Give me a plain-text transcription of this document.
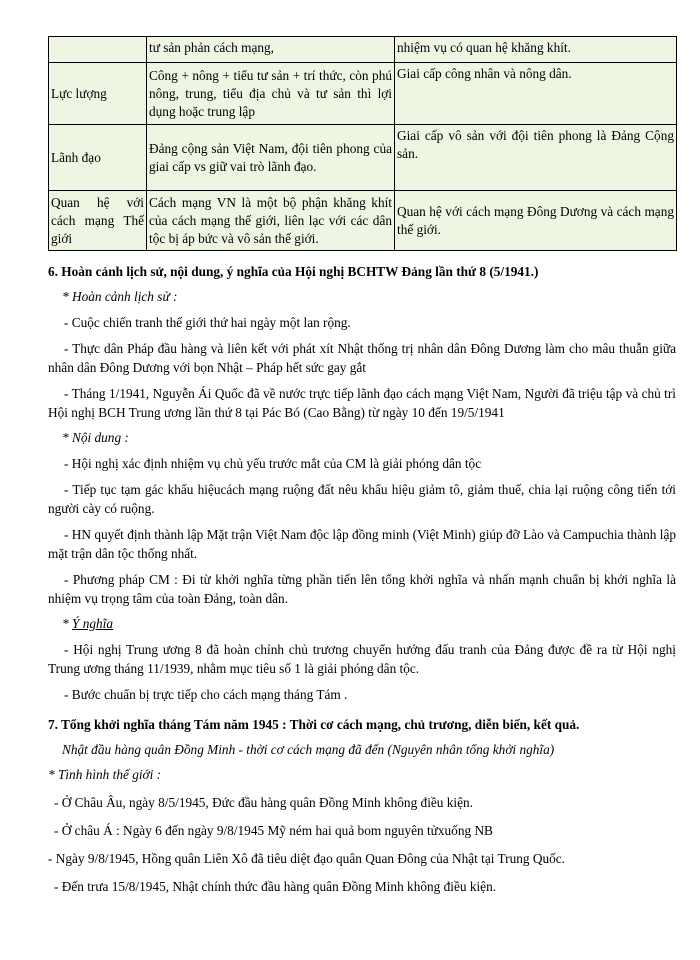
	tư sản phản cách mạng,	nhiệm vụ có quan hệ khăng khít.
Lực lượng	Công + nông + tiểu tư sản + trí thức, còn phú nông, trung, tiểu địa chủ và tư sản thì lợi dụng hoặc trung lập	Giai cấp công nhân và nông dân.
Lãnh đạo	Đảng cộng sản Việt Nam, đội tiên phong của giai cấp vs giữ vai trò lãnh đạo.	Giai cấp vô sản với đội tiên phong là Đảng Cộng sản.
Quan hệ với cách mạng Thế giới	Cách mạng VN là một bộ phận khăng khít của cách mạng thế giới, liên lạc với các dân tộc bị áp bức và vô sản thế giới.	Quan hệ với cách mạng Đông Dương và cách mạng thế giới.

6. Hoàn cảnh lịch sử, nội dung, ý nghĩa của Hội nghị BCHTW Đảng lần thứ 8 (5/1941.)

* Hoàn cảnh lịch sử :

- Cuộc chiến tranh thế giới thứ hai ngày một lan rộng.

- Thực dân Pháp đầu hàng và liên kết với phát xít Nhật thống trị nhân dân Đông Dương làm cho mâu thuẫn giữa nhân dân Đông Dương với bọn Nhật – Pháp hết sức gay gắt

- Tháng 1/1941, Nguyễn Ái Quốc đã về nước trực tiếp lãnh đạo cách mạng Việt Nam, Người đã triệu tập và chủ trì Hội nghị BCH Trung ương lần thứ 8 tại Pác Bó (Cao Bằng) từ ngày 10 đến 19/5/1941

* Nội dung :

- Hội nghị xác định nhiệm vụ chủ yếu trước mắt của CM là giải phóng dân tộc

- Tiếp tục tạm gác khẩu hiệucách mạng ruộng đất nêu khẩu hiệu giảm tô, giảm thuế, chia lại ruộng công tiến tới người cày có ruộng.

- HN quyết định thành lập Mặt trận Việt Nam độc lập đồng minh (Việt Minh) giúp đỡ Lào và Campuchia thành lập mặt trận dân tộc thống nhất.

- Phương pháp CM : Đi từ khởi nghĩa từng phần tiến lên tổng khởi nghĩa và nhấn mạnh chuẩn bị khởi nghĩa là nhiệm vụ trọng tâm của toàn Đảng, toàn dân.

* Ý nghĩa

- Hội nghị Trung ương 8 đã hoàn chỉnh chủ trương chuyển hướng đấu tranh của Đảng được đề ra từ Hội nghị Trung ương tháng 11/1939, nhằm mục tiêu số 1 là giải phóng dân tộc.

- Bước chuẩn bị trực tiếp cho cách mạng tháng Tám .

7. Tổng khởi nghĩa tháng Tám năm 1945 : Thời cơ cách mạng, chủ trương, diễn biến, kết quả.

Nhật đầu hàng quân Đồng Minh - thời cơ cách mạng đã đến (Nguyên nhân tổng khởi nghĩa)

* Tình hình thế giới :

- Ở Châu Âu, ngày 8/5/1945, Đức đầu hàng quân Đồng Minh không điều kiện.

- Ở châu Á : Ngày 6 đến ngày 9/8/1945 Mỹ ném hai quả bom nguyên tửxuống NB

- Ngày 9/8/1945, Hồng quân Liên Xô đã tiêu diệt đạo quân Quan Đông của Nhật tại Trung Quốc.

- Đến trưa 15/8/1945, Nhật chính thức đầu hàng quân Đồng Minh không điều kiện.
